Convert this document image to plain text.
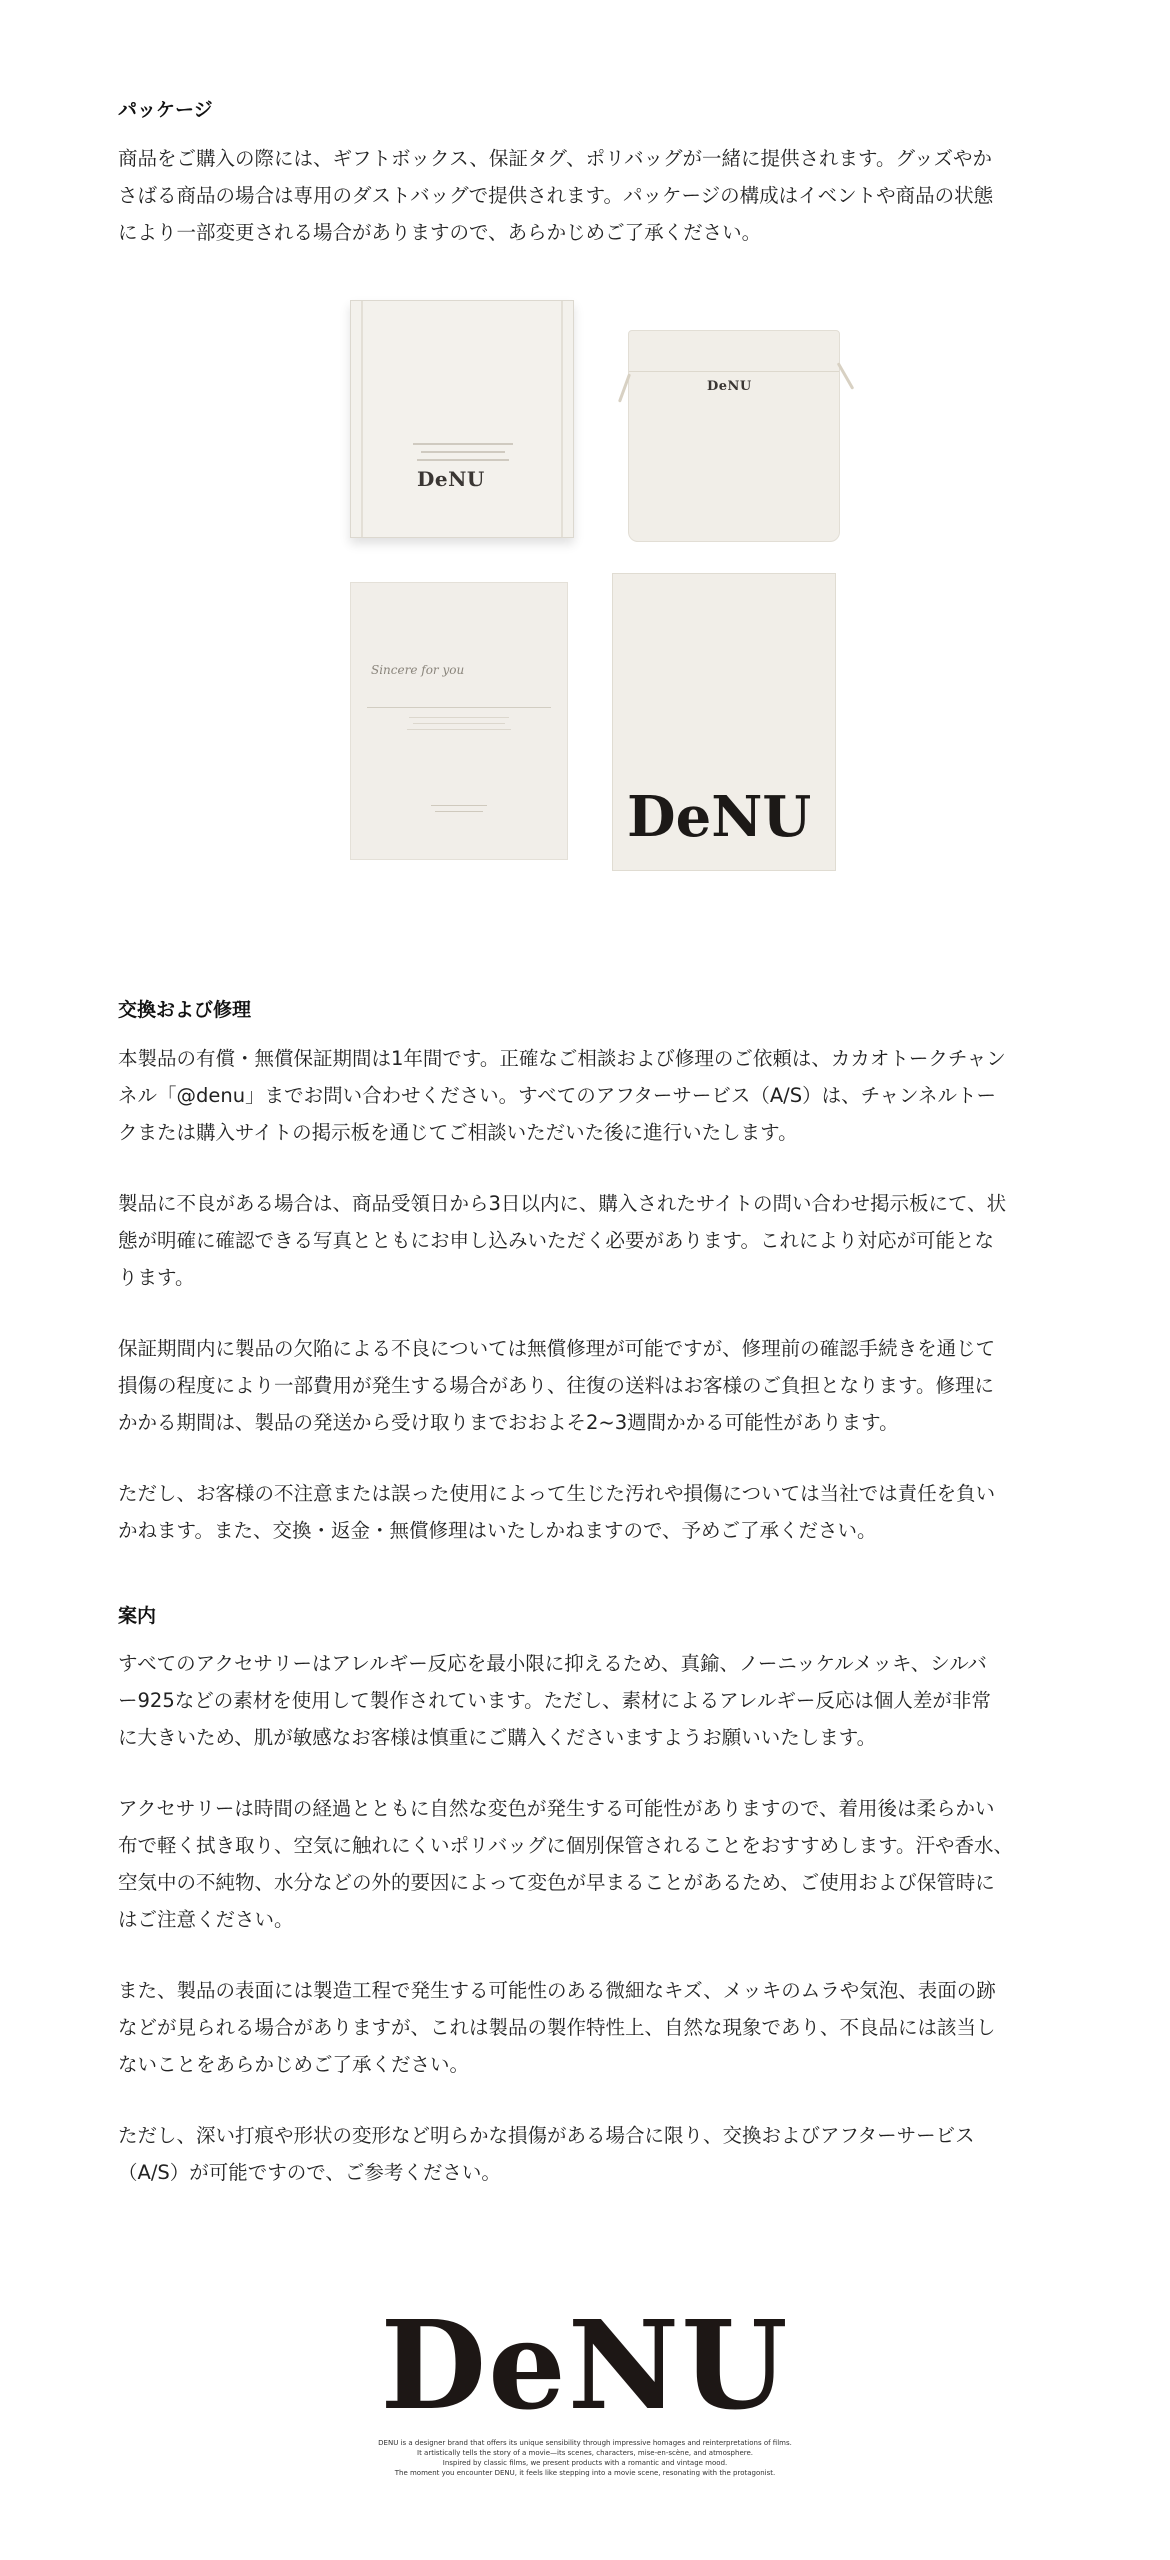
パッケージ
商品をご購入の際には、ギフトボックス、保証タグ、ポリバッグが一緒に提供されます。グッズやか
さばる商品の場合は専用のダストバッグで提供されます。パッケージの構成はイベントや商品の状態
により一部変更される場合がありますので、あらかじめご了承ください。
DeNU
DeNU
Sincere for you
DeNU
交換および修理
本製品の有償・無償保証期間は1年間です。正確なご相談および修理のご依頼は、カカオトークチャン
ネル「@denu」までお問い合わせください。すべてのアフターサービス（A/S）は、チャンネルトー
クまたは購入サイトの掲示板を通じてご相談いただいた後に進行いたします。
製品に不良がある場合は、商品受領日から3日以内に、購入されたサイトの問い合わせ掲示板にて、状
態が明確に確認できる写真とともにお申し込みいただく必要があります。これにより対応が可能とな
ります。
保証期間内に製品の欠陥による不良については無償修理が可能ですが、修理前の確認手続きを通じて
損傷の程度により一部費用が発生する場合があり、往復の送料はお客様のご負担となります。修理に
かかる期間は、製品の発送から受け取りまでおおよそ2~3週間かかる可能性があります。
ただし、お客様の不注意または誤った使用によって生じた汚れや損傷については当社では責任を負い
かねます。また、交換・返金・無償修理はいたしかねますので、予めご了承ください。
案内
すべてのアクセサリーはアレルギー反応を最小限に抑えるため、真鍮、ノーニッケルメッキ、シルバ
ー925などの素材を使用して製作されています。ただし、素材によるアレルギー反応は個人差が非常
に大きいため、肌が敏感なお客様は慎重にご購入くださいますようお願いいたします。
アクセサリーは時間の経過とともに自然な変色が発生する可能性がありますので、着用後は柔らかい
布で軽く拭き取り、空気に触れにくいポリバッグに個別保管されることをおすすめします。汗や香水、
空気中の不純物、水分などの外的要因によって変色が早まることがあるため、ご使用および保管時に
はご注意ください。
また、製品の表面には製造工程で発生する可能性のある微細なキズ、メッキのムラや気泡、表面の跡
などが見られる場合がありますが、これは製品の製作特性上、自然な現象であり、不良品には該当し
ないことをあらかじめご了承ください。
ただし、深い打痕や形状の変形など明らかな損傷がある場合に限り、交換およびアフターサービス
（A/S）が可能ですので、ご参考ください。
DeNU
DENU is a designer brand that offers its unique sensibility through impressive homages and reinterpretations of films.
It artistically tells the story of a movie—its scenes, characters, mise-en-scène, and atmosphere.
Inspired by classic films, we present products with a romantic and vintage mood.
The moment you encounter DENU, it feels like stepping into a movie scene, resonating with the protagonist.
